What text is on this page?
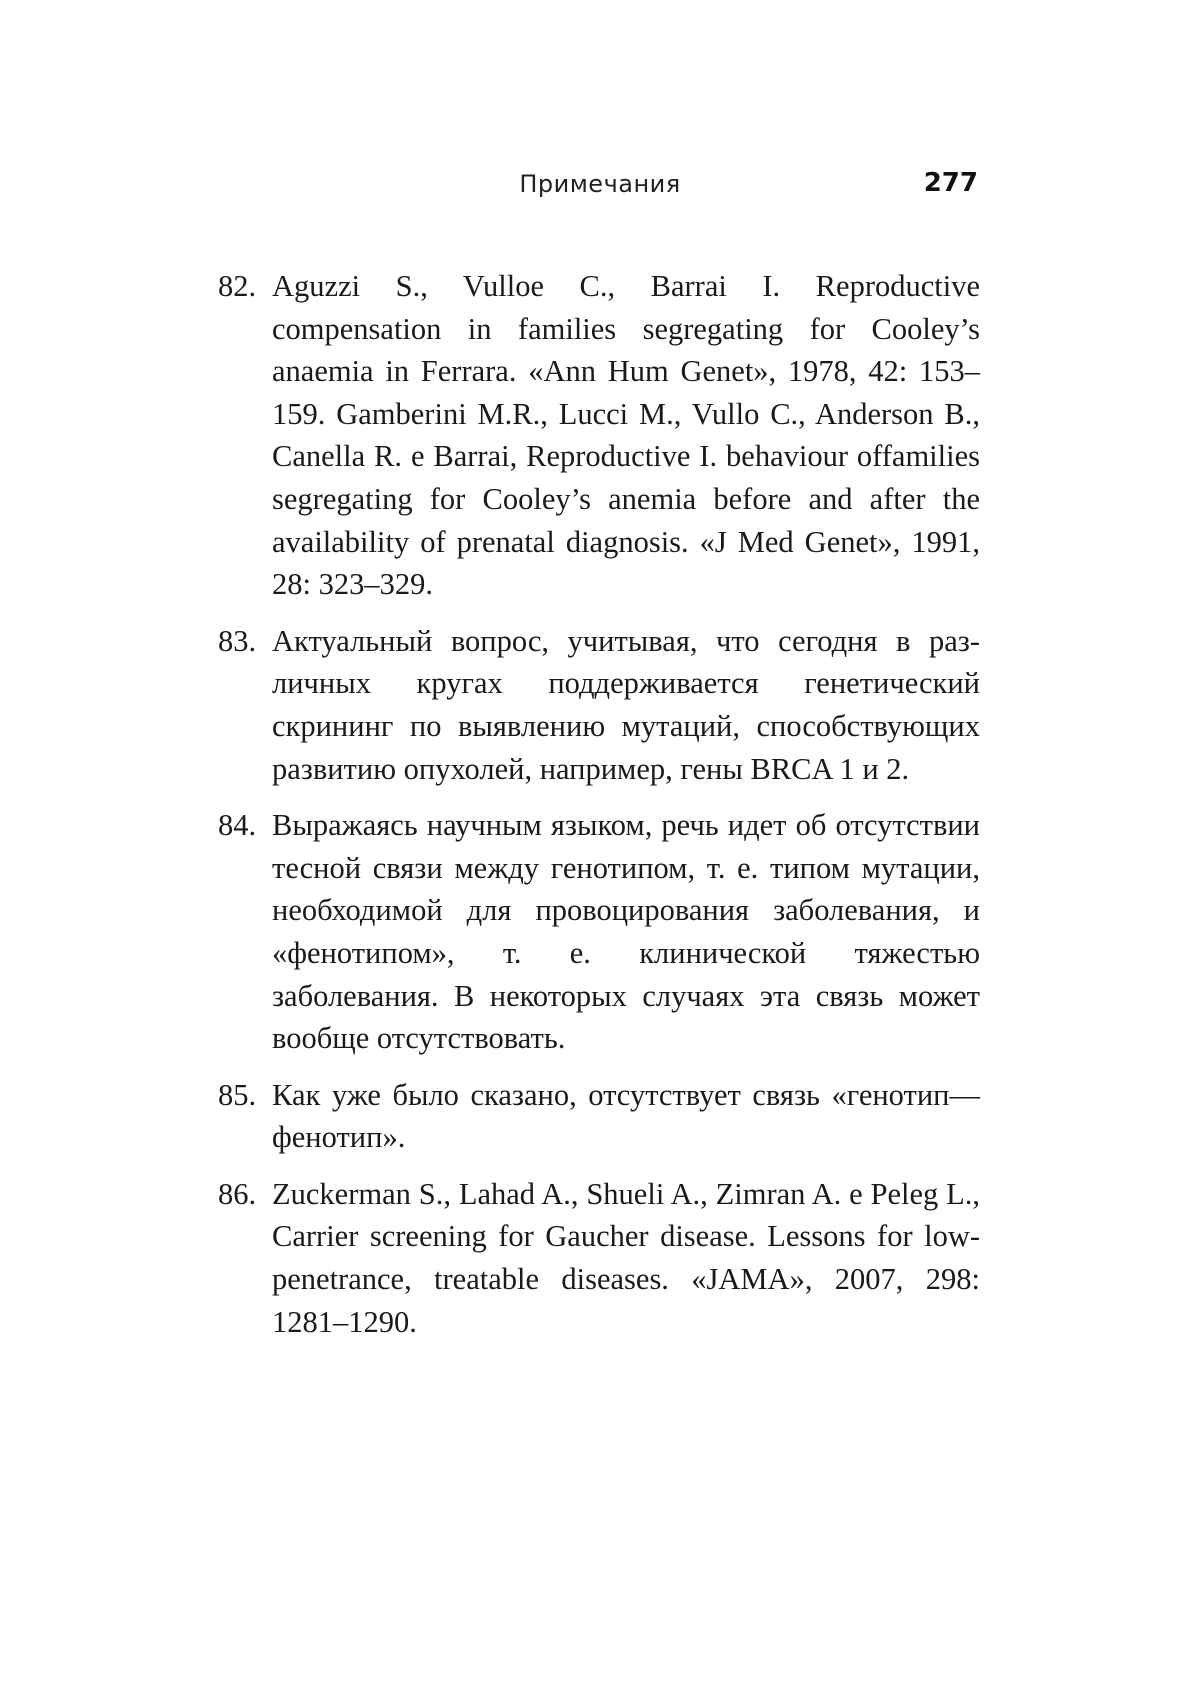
Примечания	277
82. Aguzzi S., Vulloe C., Barrai I. Reproductive compensation in families segregating for Cooley’s anaemia in Ferrara. «Ann Hum Genet», 1978, 42: 153–159. Gamberini M.R., Lucci M., Vullo C., Anderson B., Canella R. e Barrai, Reproductive I. behaviour offamilies segregating for Cooley’s anemia before and after the availability of prenatal diagnosis. «J Med Genet», 1991, 28: 323–329.
83. Актуальный вопрос, учитывая, что сегодня в различных кругах поддерживается генетический скрининг по выявлению мутаций, способствующих развитию опухолей, например, гены BRCA 1 и 2.
84. Выражаясь научным языком, речь идет об отсутствии тесной связи между генотипом, т. е. типом мутации, необходимой для провоцирования заболевания, и «фенотипом», т. е. клинической тяжестью заболевания. В некоторых случаях эта связь может вообще отсутствовать.
85. Как уже было сказано, отсутствует связь «генотип—фенотип».
86. Zuckerman S., Lahad A., Shueli A., Zimran A. e Peleg L., Carrier screening for Gaucher disease. Lessons for low-penetrance, treatable diseases. «JAMA», 2007, 298: 1281–1290.
